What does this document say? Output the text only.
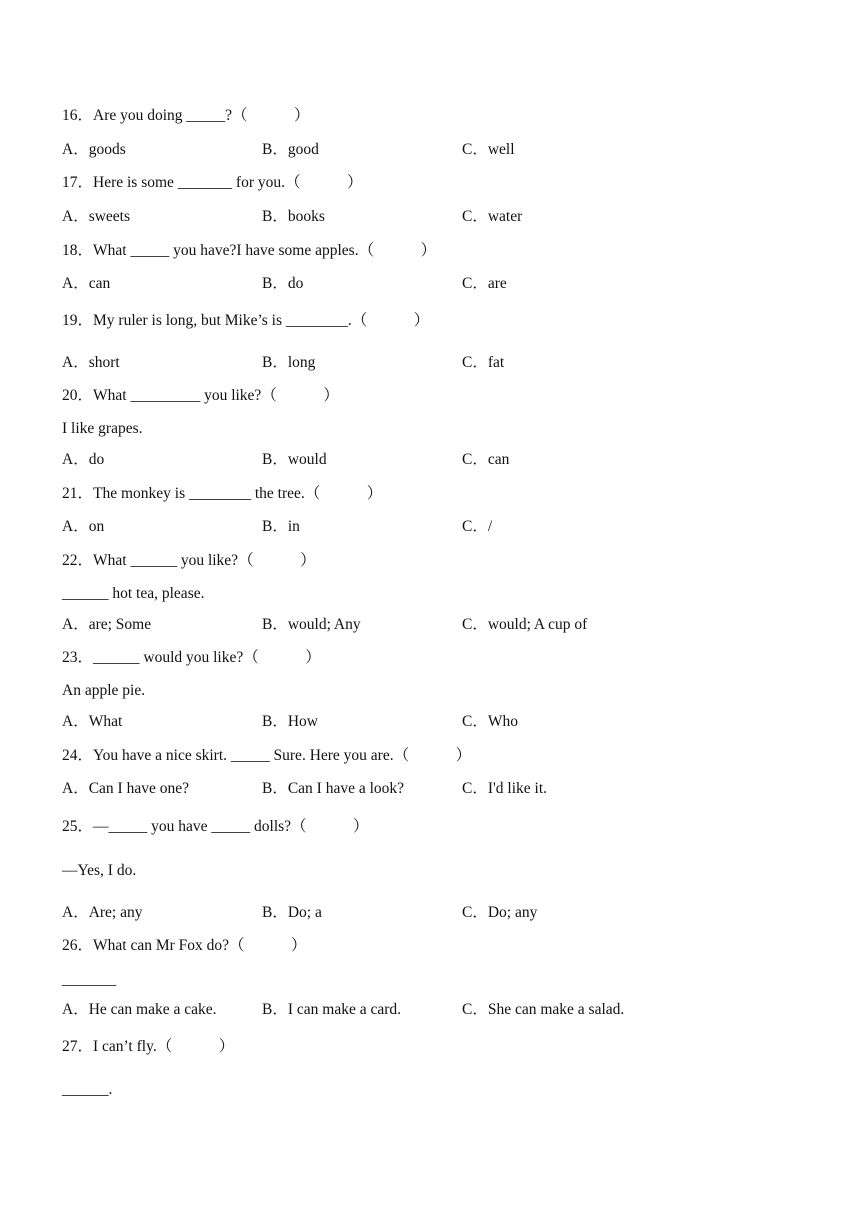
16．Are you doing _____?（　　　）
A．goods	B．good	C．well
17．Here is some _______ for you.（　　　）
A．sweets	B．books	C．water
18．What _____ you have?I have some apples.（　　　）
A．can	B．do	C．are
19．My ruler is long, but Mike’s is ________.（　　　）
A．short	B．long	C．fat
20．What _________ you like?（　　　）
I like grapes.
A．do	B．would	C．can
21．The monkey is ________ the tree.（　　　）
A．on	B．in	C．/
22．What ______ you like?（　　　）
______ hot tea, please.
A．are; Some	B．would; Any	C．would; A cup of
23．______ would you like?（　　　）
An apple pie.
A．What	B．How	C．Who
24．You have a nice skirt. _____ Sure. Here you are.（　　　）
A．Can I have one?	B．Can I have a look?	C．I'd like it.
25．—_____ you have _____ dolls?（　　　）
—Yes, I do.
A．Are; any	B．Do; a	C．Do; any
26．What can Mr Fox do?（　　　）
_______
A．He can make a cake.	B．I can make a card.	C．She can make a salad.
27．I can’t fly.（　　　）
______.
